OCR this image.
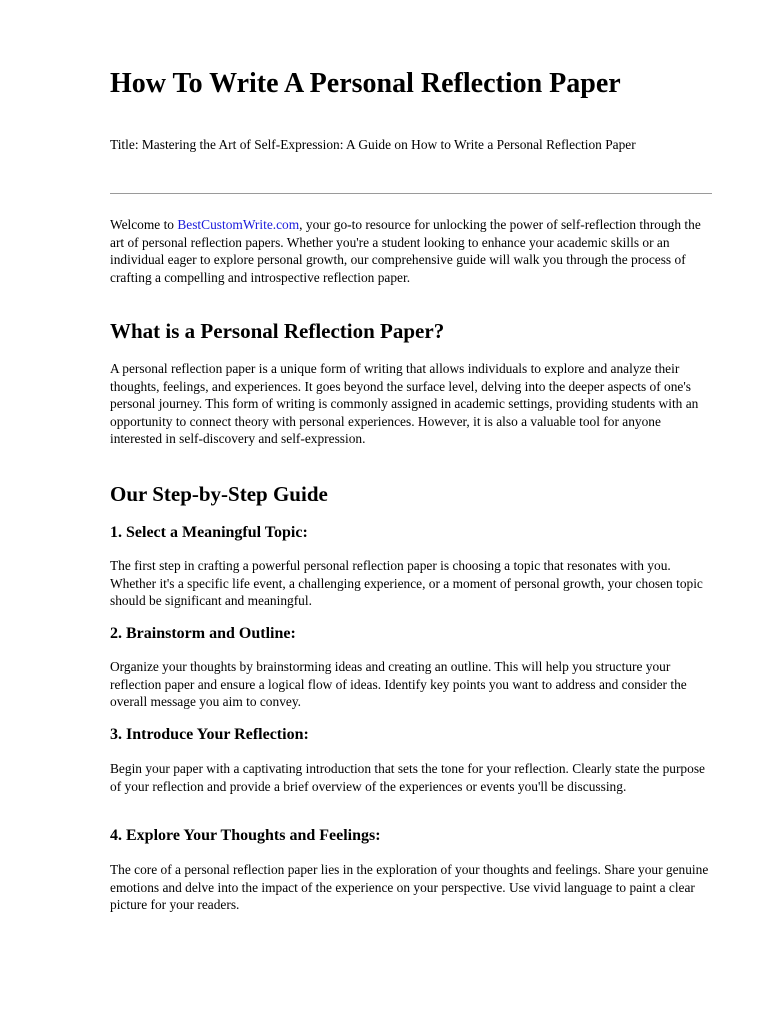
How To Write A Personal Reflection Paper

Title: Mastering the Art of Self-Expression: A Guide on How to Write a Personal Reflection Paper

Welcome to BestCustomWrite.com, your go-to resource for unlocking the power of self-reflection through the art of personal reflection papers. Whether you're a student looking to enhance your academic skills or an individual eager to explore personal growth, our comprehensive guide will walk you through the process of crafting a compelling and introspective reflection paper.

What is a Personal Reflection Paper?

A personal reflection paper is a unique form of writing that allows individuals to explore and analyze their thoughts, feelings, and experiences. It goes beyond the surface level, delving into the deeper aspects of one's personal journey. This form of writing is commonly assigned in academic settings, providing students with an opportunity to connect theory with personal experiences. However, it is also a valuable tool for anyone interested in self-discovery and self-expression.

Our Step-by-Step Guide
1. Select a Meaningful Topic:

The first step in crafting a powerful personal reflection paper is choosing a topic that resonates with you. Whether it's a specific life event, a challenging experience, or a moment of personal growth, your chosen topic should be significant and meaningful.

2. Brainstorm and Outline:

Organize your thoughts by brainstorming ideas and creating an outline. This will help you structure your reflection paper and ensure a logical flow of ideas. Identify key points you want to address and consider the overall message you aim to convey.

3. Introduce Your Reflection:

Begin your paper with a captivating introduction that sets the tone for your reflection. Clearly state the purpose of your reflection and provide a brief overview of the experiences or events you'll be discussing.

4. Explore Your Thoughts and Feelings:

The core of a personal reflection paper lies in the exploration of your thoughts and feelings. Share your genuine emotions and delve into the impact of the experience on your perspective. Use vivid language to paint a clear picture for your readers.
